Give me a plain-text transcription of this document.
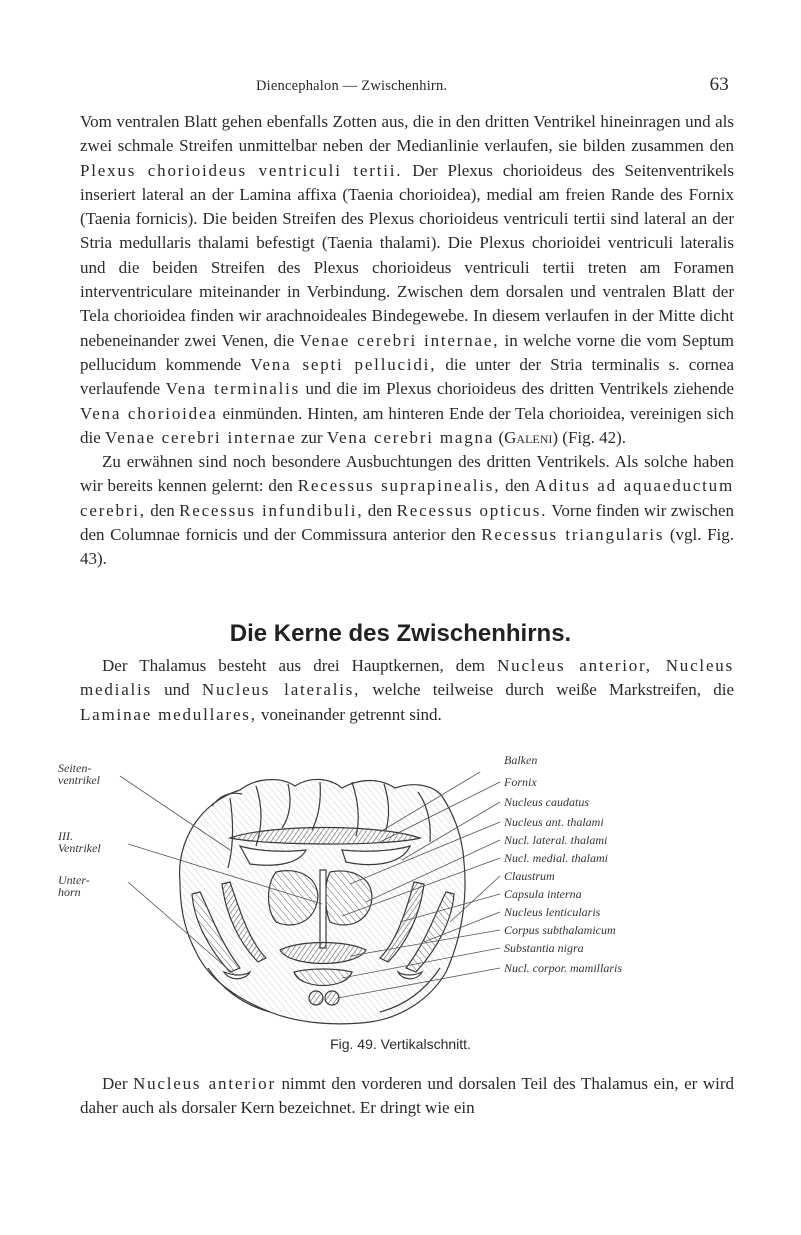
Diencephalon — Zwischenhirn.	63

Vom ventralen Blatt gehen ebenfalls Zotten aus, die in den dritten Ventrikel hineinragen und als zwei schmale Streifen unmittelbar neben der Medianlinie verlaufen, sie bilden zusammen den Plexus chorioideus ventriculi tertii. Der Plexus chorioideus des Seitenventrikels inseriert lateral an der Lamina affixa (Taenia chorioidea), medial am freien Rande des Fornix (Taenia fornicis). Die beiden Streifen des Plexus chorioideus ventriculi tertii sind lateral an der Stria medullaris thalami befestigt (Taenia thalami). Die Plexus chorioidei ventriculi lateralis und die beiden Streifen des Plexus chorioideus ventriculi tertii treten am Foramen interventriculare miteinander in Verbindung. Zwischen dem dorsalen und ventralen Blatt der Tela chorioidea finden wir arachnoideales Bindegewebe. In diesem verlaufen in der Mitte dicht nebeneinander zwei Venen, die Venae cerebri internae, in welche vorne die vom Septum pellucidum kommende Vena septi pellucidi, die unter der Stria terminalis s. cornea verlaufende Vena terminalis und die im Plexus chorioideus des dritten Ventrikels ziehende Vena chorioidea einmünden. Hinten, am hinteren Ende der Tela chorioidea, vereinigen sich die Venae cerebri internae zur Vena cerebri magna (Galeni) (Fig. 42).

Zu erwähnen sind noch besondere Ausbuchtungen des dritten Ventrikels. Als solche haben wir bereits kennen gelernt: den Recessus suprapinealis, den Aditus ad aquaeductum cerebri, den Recessus infundibuli, den Recessus opticus. Vorne finden wir zwischen den Columnae fornicis und der Commissura anterior den Recessus triangularis (vgl. Fig. 43).

Die Kerne des Zwischenhirns.

Der Thalamus besteht aus drei Hauptkernen, dem Nucleus anterior, Nucleus medialis und Nucleus lateralis, welche teilweise durch weiße Markstreifen, die Laminae medullares, voneinander getrennt sind.

Seiten-
ventrikel
III.
Ventrikel
Unter-
horn
Balken
Fornix
Nucleus caudatus
Nucleus ant. thalami
Nucl. lateral. thalami
Nucl. medial. thalami
Claustrum
Capsula interna
Nucleus lenticularis
Corpus subthalamicum
Substantia nigra
Nucl. corpor. mamillaris
Fig. 49. Vertikalschnitt.

Der Nucleus anterior nimmt den vorderen und dorsalen Teil des Thalamus ein, er wird daher auch als dorsaler Kern bezeichnet. Er dringt wie ein
